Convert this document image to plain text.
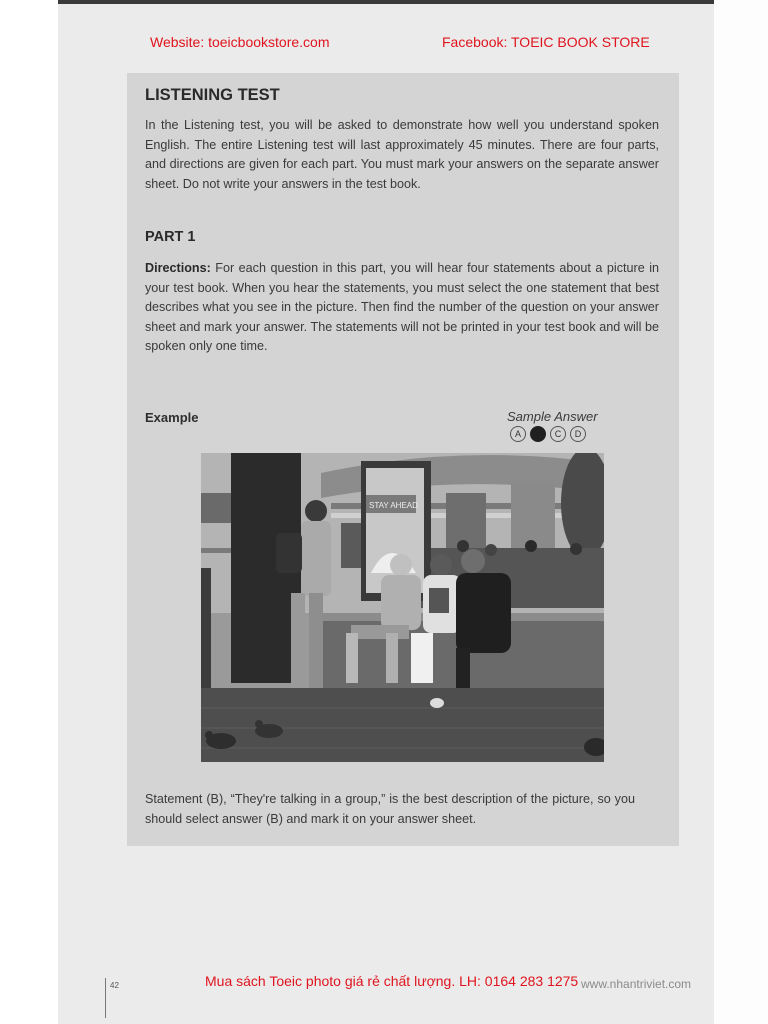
Website: toeicbookstore.com	Facebook: TOEIC BOOK STORE
LISTENING TEST
In the Listening test, you will be asked to demonstrate how well you understand spoken English. The entire Listening test will last approximately 45 minutes. There are four parts, and directions are given for each part. You must mark your answers on the separate answer sheet. Do not write your answers in the test book.
PART 1
Directions: For each question in this part, you will hear four statements about a picture in your test book. When you hear the statements, you must select the one statement that best describes what you see in the picture. Then find the number of the question on your answer sheet and mark your answer. The statements will not be printed in your test book and will be spoken only one time.
Example	Sample Answer
A	C	D
STAY AHEAD
Statement (B), “They're talking in a group,” is the best description of the picture, so you should select answer (B) and mark it on your answer sheet.
42	Mua sách Toeic photo giá rẻ chất lượng. LH: 0164 283 1275 www.nhantriviet.com
